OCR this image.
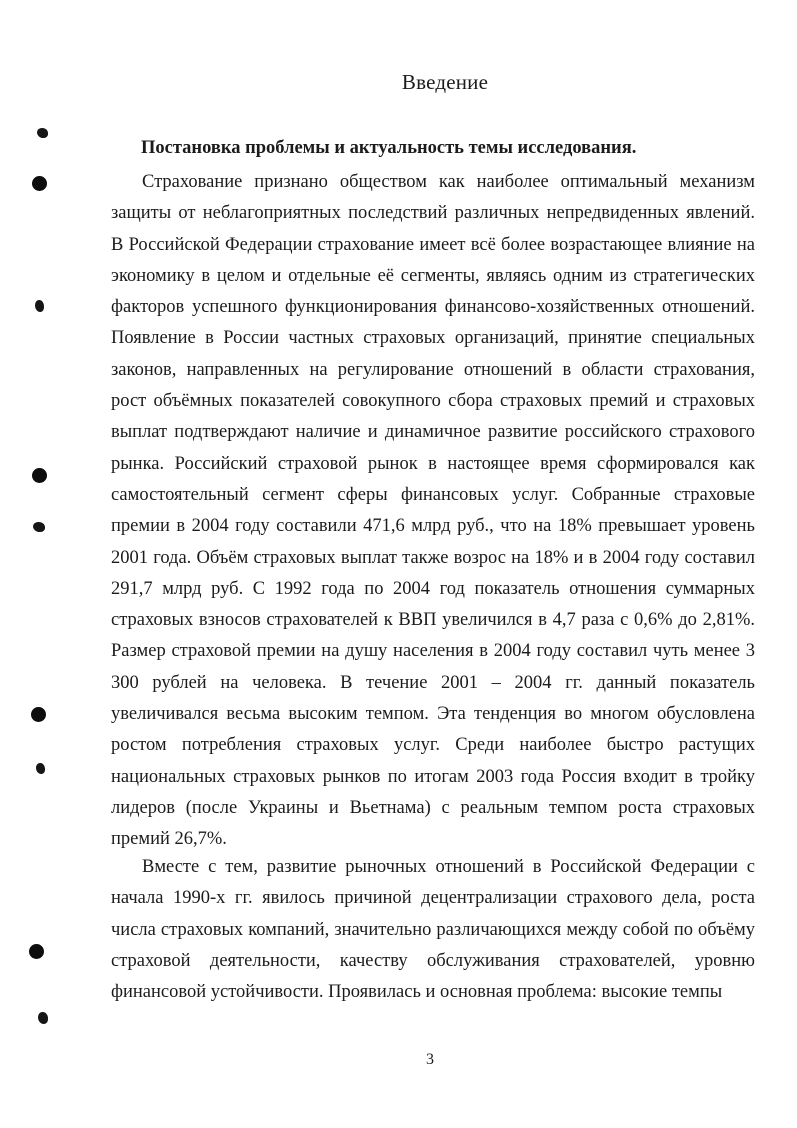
Введение
Постановка проблемы и актуальность темы исследования.
Страхование признано обществом как наиболее оптимальный механизм защиты от неблагоприятных последствий различных непредвиденных явлений. В Российской Федерации страхование имеет всё более возрастающее влияние на экономику в целом и отдельные её сегменты, являясь одним из стратегических факторов успешного функционирования финансово-хозяйственных отношений. Появление в России частных страховых организаций, принятие специальных законов, направленных на регулирование отношений в области страхования, рост объёмных показателей совокупного сбора страховых премий и страховых выплат подтверждают наличие и динамичное развитие российского страхового рынка. Российский страховой рынок в настоящее время сформировался как самостоятельный сегмент сферы финансовых услуг. Собранные страховые премии в 2004 году составили 471,6 млрд руб., что на 18% превышает уровень 2001 года. Объём страховых выплат также возрос на 18% и в 2004 году составил 291,7 млрд руб. С 1992 года по 2004 год показатель отношения суммарных страховых взносов страхователей к ВВП увеличился в 4,7 раза с 0,6% до 2,81%. Размер страховой премии на душу населения в 2004 году составил чуть менее 3 300 рублей на человека. В течение 2001 – 2004 гг. данный показатель увеличивался весьма высоким темпом. Эта тенденция во многом обусловлена ростом потребления страховых услуг. Среди наиболее быстро растущих национальных страховых рынков по итогам 2003 года Россия входит в тройку лидеров (после Украины и Вьетнама) с реальным темпом роста страховых премий 26,7%.
Вместе с тем, развитие рыночных отношений в Российской Федерации с начала 1990-х гг. явилось причиной децентрализации страхового дела, роста числа страховых компаний, значительно различающихся между собой по объёму страховой деятельности, качеству обслуживания страхователей, уровню финансовой устойчивости. Проявилась и основная проблема: высокие темпы
3
